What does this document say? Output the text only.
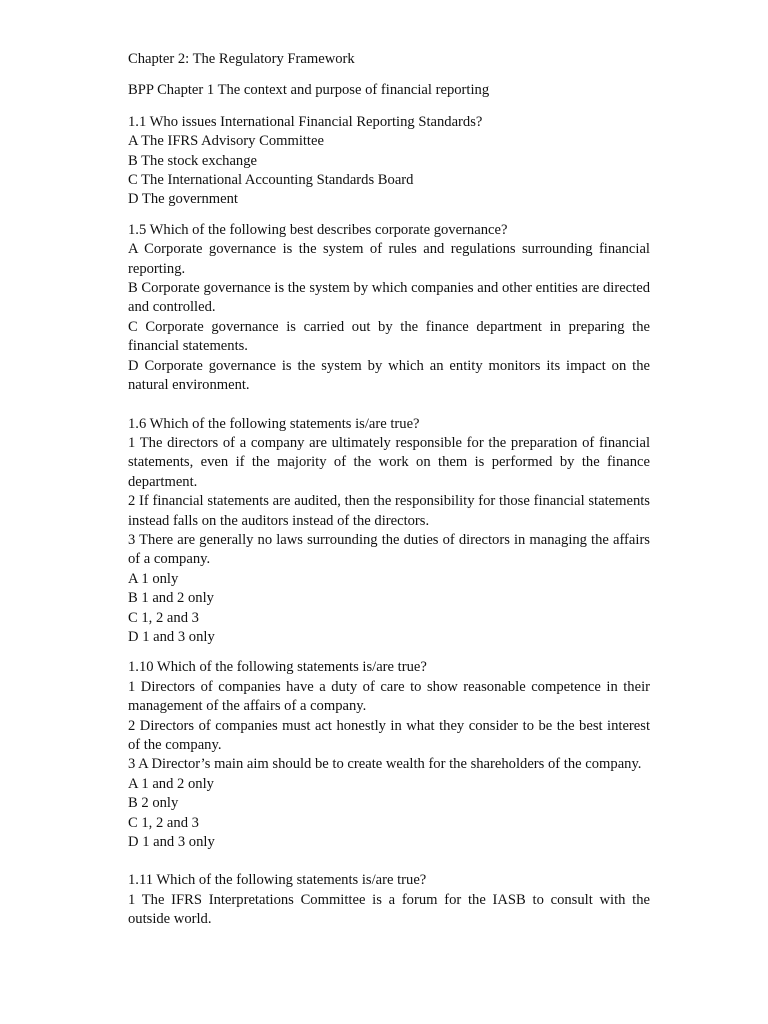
Chapter 2: The Regulatory Framework

BPP Chapter 1 The context and purpose of financial reporting

1.1 Who issues International Financial Reporting Standards?

A The IFRS Advisory Committee

B The stock exchange

C The International Accounting Standards Board

D The government

1.5 Which of the following best describes corporate governance?

A Corporate governance is the system of rules and regulations surrounding financial reporting.

B Corporate governance is the system by which companies and other entities are directed and controlled.

C Corporate governance is carried out by the finance department in preparing the financial statements.

D Corporate governance is the system by which an entity monitors its impact on the natural environment.

1.6 Which of the following statements is/are true?

1 The directors of a company are ultimately responsible for the preparation of financial statements, even if the majority of the work on them is performed by the finance department.

2 If financial statements are audited, then the responsibility for those financial statements instead falls on the auditors instead of the directors.

3 There are generally no laws surrounding the duties of directors in managing the affairs of a company.

A 1 only

B 1 and 2 only

C 1, 2 and 3

D 1 and 3 only

1.10 Which of the following statements is/are true?

1 Directors of companies have a duty of care to show reasonable competence in their management of the affairs of a company.

2 Directors of companies must act honestly in what they consider to be the best interest of the company.

3 A Director’s main aim should be to create wealth for the shareholders of the company.

A 1 and 2 only

B 2 only

C 1, 2 and 3

D 1 and 3 only

1.11 Which of the following statements is/are true?

1 The IFRS Interpretations Committee is a forum for the IASB to consult with the outside world.
